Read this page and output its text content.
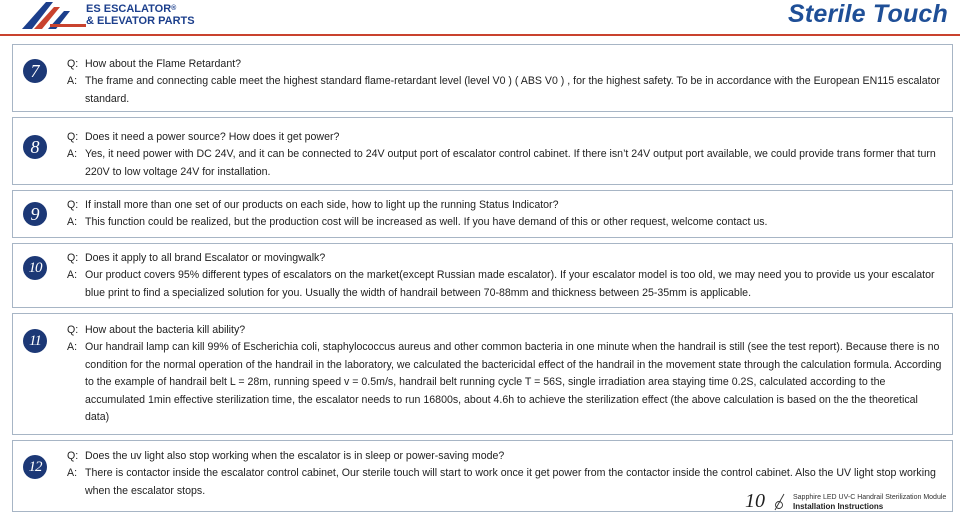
ES ESCALATOR®
& ELEVATOR PARTS	Sterile Touch
7	Q: How about the Flame Retardant?
A: The frame and connecting cable meet the highest standard flame-retardant level (level V0 ) ( ABS V0 ) , for the highest safety. To be in accordance with the European EN115 escalator standard.
8	Q: Does it need a power source? How does it get power?
A: Yes, it need power with DC 24V, and it can be connected to 24V output port of escalator control cabinet. If there isn’t 24V output port available, we could provide trans former that turn 220V to low voltage 24V for installation.
9	Q: If install more than one set of our products on each side, how to light up the running Status Indicator?
A: This function could be realized, but the production cost will be increased as well. If you have demand of this or other request, welcome contact us.
10
Q: Does it apply to all brand Escalator or movingwalk?
A: Our product covers 95% different types of escalators on the market(except Russian made escalator). If your escalator model is too old, we may need you to provide us your escalator blue print to find a specialized solution for you. Usually the width of handrail between 70-88mm and thickness between 25-35mm is applicable.
11
Q: How about the bacteria kill ability?
A: Our handrail lamp can kill 99% of Escherichia coli, staphylococcus aureus and other common bacteria in one minute when the handrail is still (see the test report). Because there is no condition for the normal operation of the handrail in the laboratory, we calculated the bactericidal effect of the handrail in the movement state through the calculation formula. According to the example of handrail belt L = 28m, running speed v = 0.5m/s, handrail belt running cycle T = 56S, single irradiation area staying time 0.2S, calculated according to the accumulated 1min effective sterilization time, the escalator needs to run 16800s, about 4.6h to achieve the sterilization effect (the above calculation is based on the the theoretical data)
12
Q: Does the uv light also stop working when the escalator is in sleep or power-saving mode?
A: There is contactor inside the escalator control cabinet, Our sterile touch will start to work once it get power from the contactor inside the control cabinet. Also the UV light stop working when the escalator stops.	10	Sapphire LED UV-C Handrail Sterilization Module
Installation Instructions
